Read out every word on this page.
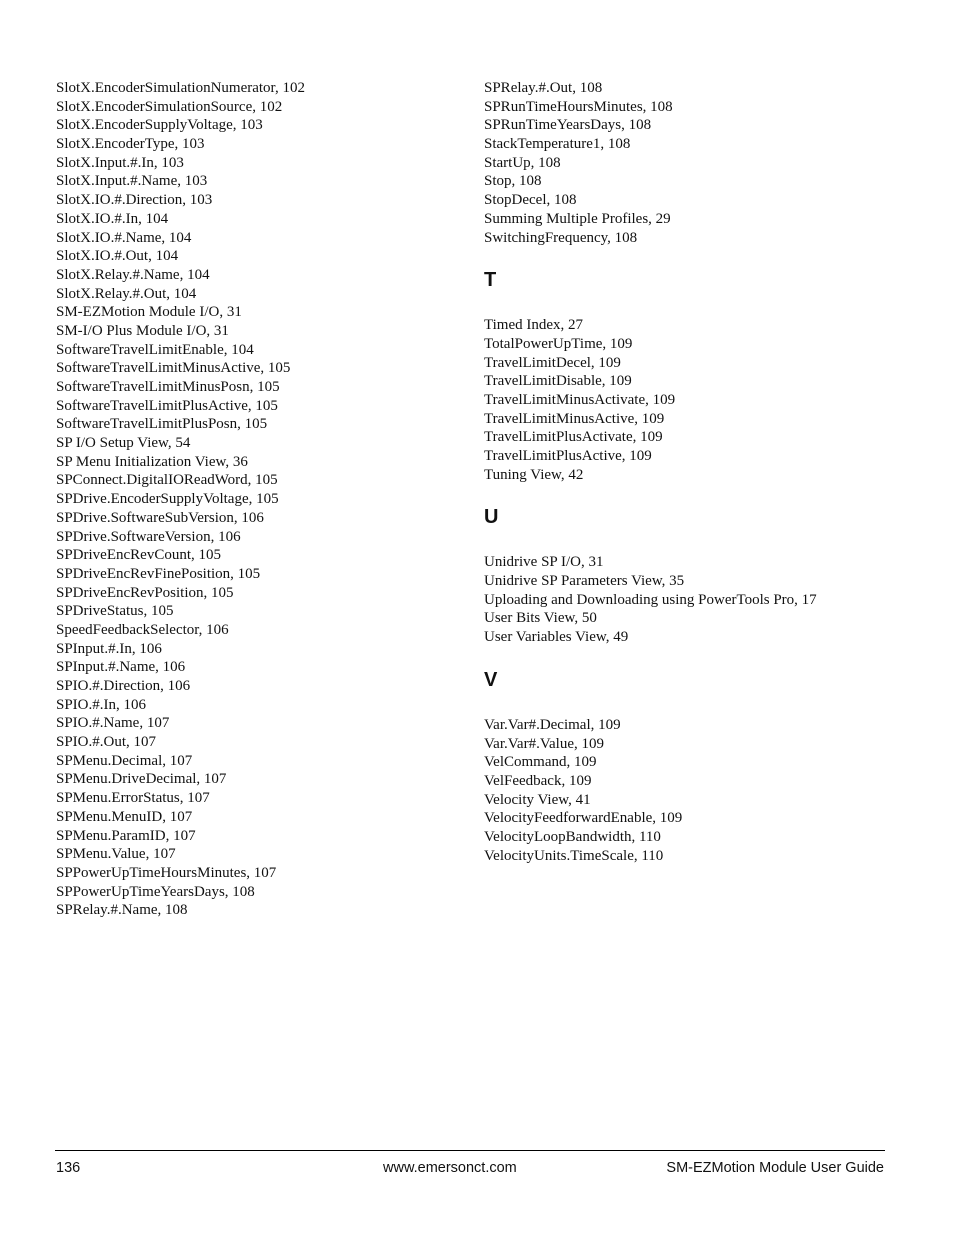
SlotX.EncoderSimulationNumerator, 102
SlotX.EncoderSimulationSource, 102
SlotX.EncoderSupplyVoltage, 103
SlotX.EncoderType, 103
SlotX.Input.#.In, 103
SlotX.Input.#.Name, 103
SlotX.IO.#.Direction, 103
SlotX.IO.#.In, 104
SlotX.IO.#.Name, 104
SlotX.IO.#.Out, 104
SlotX.Relay.#.Name, 104
SlotX.Relay.#.Out, 104
SM-EZMotion Module I/O, 31
SM-I/O Plus Module I/O, 31
SoftwareTravelLimitEnable, 104
SoftwareTravelLimitMinusActive, 105
SoftwareTravelLimitMinusPosn, 105
SoftwareTravelLimitPlusActive, 105
SoftwareTravelLimitPlusPosn, 105
SP I/O Setup View, 54
SP Menu Initialization View, 36
SPConnect.DigitalIOReadWord, 105
SPDrive.EncoderSupplyVoltage, 105
SPDrive.SoftwareSubVersion, 106
SPDrive.SoftwareVersion, 106
SPDriveEncRevCount, 105
SPDriveEncRevFinePosition, 105
SPDriveEncRevPosition, 105
SPDriveStatus, 105
SpeedFeedbackSelector, 106
SPInput.#.In, 106
SPInput.#.Name, 106
SPIO.#.Direction, 106
SPIO.#.In, 106
SPIO.#.Name, 107
SPIO.#.Out, 107
SPMenu.Decimal, 107
SPMenu.DriveDecimal, 107
SPMenu.ErrorStatus, 107
SPMenu.MenuID, 107
SPMenu.ParamID, 107
SPMenu.Value, 107
SPPowerUpTimeHoursMinutes, 107
SPPowerUpTimeYearsDays, 108
SPRelay.#.Name, 108
SPRelay.#.Out, 108
SPRunTimeHoursMinutes, 108
SPRunTimeYearsDays, 108
StackTemperature1, 108
StartUp, 108
Stop, 108
StopDecel, 108
Summing Multiple Profiles, 29
SwitchingFrequency, 108
T
Timed Index, 27
TotalPowerUpTime, 109
TravelLimitDecel, 109
TravelLimitDisable, 109
TravelLimitMinusActivate, 109
TravelLimitMinusActive, 109
TravelLimitPlusActivate, 109
TravelLimitPlusActive, 109
Tuning View, 42
U
Unidrive SP I/O, 31
Unidrive SP Parameters View, 35
Uploading and Downloading using PowerTools Pro, 17
User Bits View, 50
User Variables View, 49
V
Var.Var#.Decimal, 109
Var.Var#.Value, 109
VelCommand, 109
VelFeedback, 109
Velocity View, 41
VelocityFeedforwardEnable, 109
VelocityLoopBandwidth, 110
VelocityUnits.TimeScale, 110
136	www.emersonct.com	SM-EZMotion Module User Guide
